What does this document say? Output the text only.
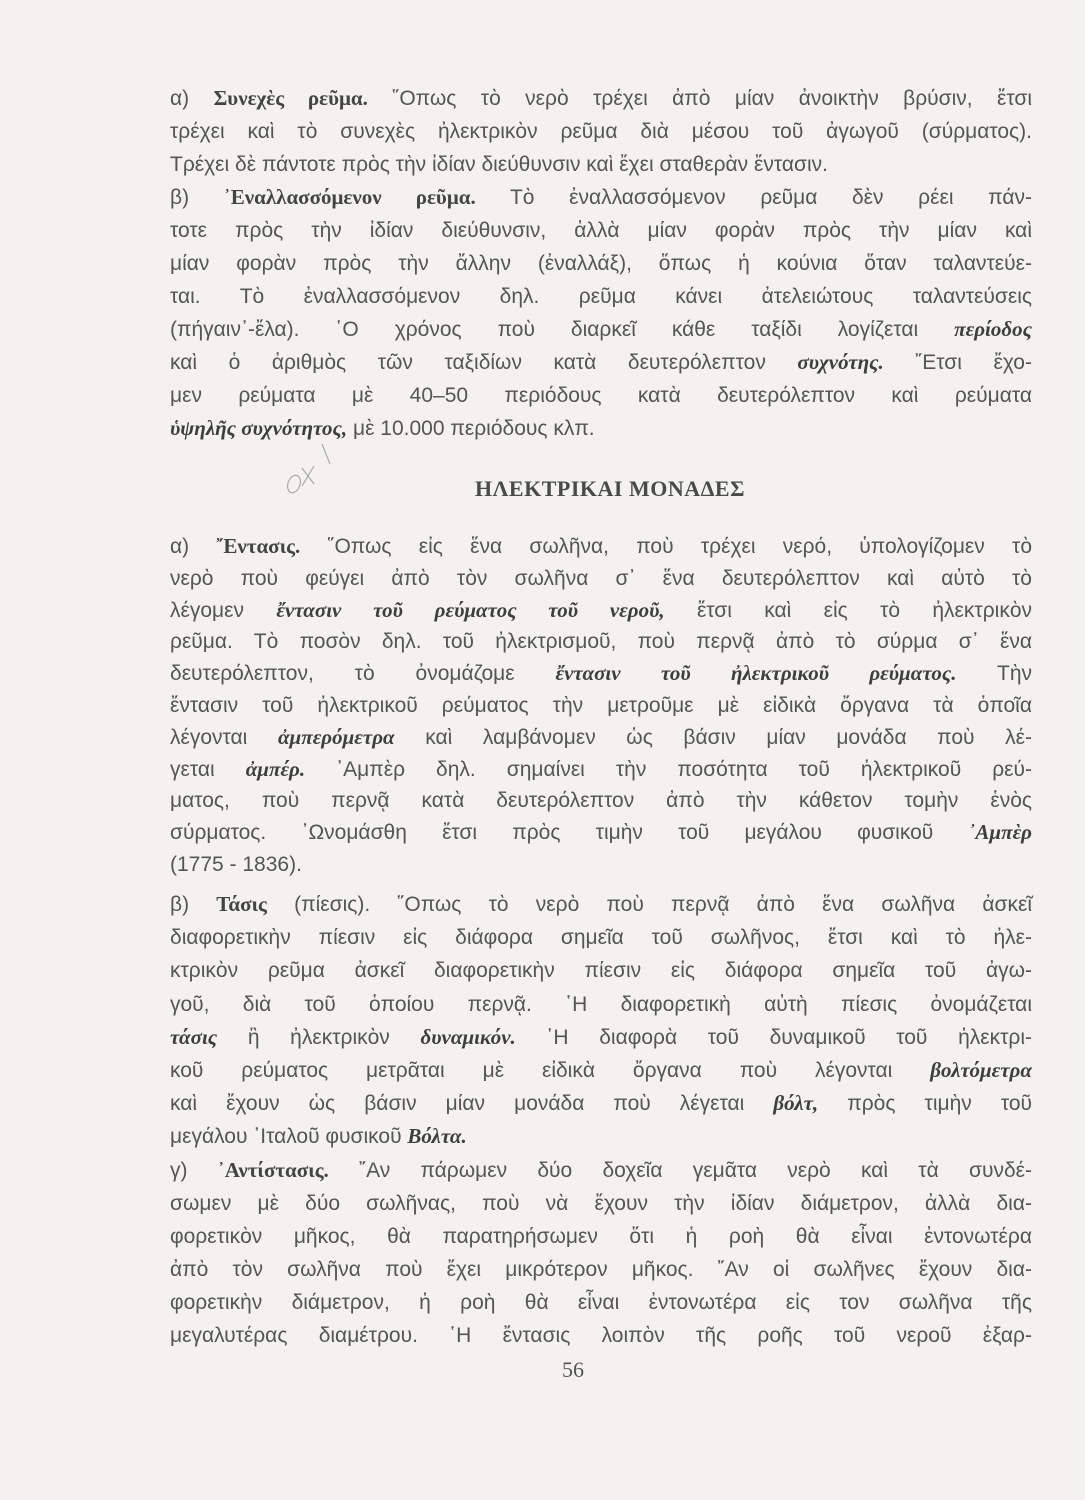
α) Συνεχὲς ρεῦμα. ῞Οπως τὸ νερὸ τρέχει ἀπὸ μίαν ἀνοικτὴν βρύσιν, ἔτσι
τρέχει καὶ τὸ συνεχὲς ἠλεκτρικὸν ρεῦμα διὰ μέσου τοῦ ἀγωγοῦ (σύρματος).
Τρέχει δὲ πάντοτε πρὸς τὴν ἰδίαν διεύθυνσιν καὶ ἔχει σταθερὰν ἔντασιν.
β) ᾿Εναλλασσόμενον ρεῦμα. Τὸ ἐναλλασσόμενον ρεῦμα δὲν ρέει πάν-
τοτε πρὸς τὴν ἰδίαν διεύθυνσιν, ἀλλὰ μίαν φορὰν πρὸς τὴν μίαν καὶ
μίαν φορὰν πρὸς τὴν ἄλλην (ἐναλλάξ), ὅπως ἡ κούνια ὅταν ταλαντεύε-
ται. Τὸ ἐναλλασσόμενον δηλ. ρεῦμα κάνει ἀτελειώτους ταλαντεύσεις
(πήγαιν᾿-ἔλα). ῾Ο χρόνος ποὺ διαρκεῖ κάθε ταξίδι λογίζεται περίοδος
καὶ ὁ ἀριθμὸς τῶν ταξιδίων κατὰ δευτερόλεπτον συχνότης. ῎Ετσι ἔχο-
μεν ρεύματα μὲ 40–50 περιόδους κατὰ δευτερόλεπτον καὶ ρεύματα
ὑψηλῆς συχνότητος, μὲ 10.000 περιόδους κλπ.
ΗΛΕΚΤΡΙΚΑΙ ΜΟΝΑΔΕΣ
α) ῎Εντασις. ῞Οπως εἰς ἕνα σωλῆνα, ποὺ τρέχει νερό, ὑπολογίζομεν τὸ
νερὸ ποὺ φεύγει ἀπὸ τὸν σωλῆνα σ᾿ ἕνα δευτερόλεπτον καὶ αὐτὸ τὸ
λέγομεν ἔντασιν τοῦ ρεύματος τοῦ νεροῦ, ἔτσι καὶ εἰς τὸ ἠλεκτρικὸν
ρεῦμα. Τὸ ποσὸν δηλ. τοῦ ἠλεκτρισμοῦ, ποὺ περνᾷ ἀπὸ τὸ σύρμα σ᾿ ἕνα
δευτερόλεπτον, τὸ ὀνομάζομε ἔντασιν τοῦ ἠλεκτρικοῦ ρεύματος. Τὴν
ἔντασιν τοῦ ἠλεκτρικοῦ ρεύματος τὴν μετροῦμε μὲ εἰδικὰ ὄργανα τὰ ὁποῖα
λέγονται ἀμπερόμετρα καὶ λαμβάνομεν ὡς βάσιν μίαν μονάδα ποὺ λέ-
γεται ἀμπέρ. ᾿Αμπὲρ δηλ. σημαίνει τὴν ποσότητα τοῦ ἠλεκτρικοῦ ρεύ-
ματος, ποὺ περνᾷ κατὰ δευτερόλεπτον ἀπὸ τὴν κάθετον τομὴν ἑνὸς
σύρματος. ᾿Ωνομάσθη ἔτσι πρὸς τιμὴν τοῦ μεγάλου φυσικοῦ ᾿Αμπὲρ
(1775 - 1836).
β) Τάσις (πίεσις). ῞Οπως τὸ νερὸ ποὺ περνᾷ ἀπὸ ἕνα σωλῆνα ἀσκεῖ
διαφορετικὴν πίεσιν εἰς διάφορα σημεῖα τοῦ σωλῆνος, ἔτσι καὶ τὸ ἠλε-
κτρικὸν ρεῦμα ἀσκεῖ διαφορετικὴν πίεσιν εἰς διάφορα σημεῖα τοῦ ἀγω-
γοῦ, διὰ τοῦ ὁποίου περνᾷ. ῾Η διαφορετικὴ αὐτὴ πίεσις ὀνομάζεται
τάσις ἢ ἠλεκτρικὸν δυναμικόν. ῾Η διαφορὰ τοῦ δυναμικοῦ τοῦ ἠλεκτρι-
κοῦ ρεύματος μετρᾶται μὲ εἰδικὰ ὄργανα ποὺ λέγονται βολτόμετρα
καὶ ἔχουν ὡς βάσιν μίαν μονάδα ποὺ λέγεται βόλτ, πρὸς τιμὴν τοῦ
μεγάλου ᾿Ιταλοῦ φυσικοῦ Βόλτα.
γ) ᾿Αντίστασις. ῎Αν πάρωμεν δύο δοχεῖα γεμᾶτα νερὸ καὶ τὰ συνδέ-
σωμεν μὲ δύο σωλῆνας, ποὺ νὰ ἔχουν τὴν ἰδίαν διάμετρον, ἀλλὰ δια-
φορετικὸν μῆκος, θὰ παρατηρήσωμεν ὅτι ἡ ροὴ θὰ εἶναι ἐντονωτέρα
ἀπὸ τὸν σωλῆνα ποὺ ἔχει μικρότερον μῆκος. ῎Αν οἱ σωλῆνες ἔχουν δια-
φορετικὴν διάμετρον, ἡ ροὴ θὰ εἶναι ἐντονωτέρα εἰς τον σωλῆνα τῆς
μεγαλυτέρας διαμέτρου. ῾Η ἔντασις λοιπὸν τῆς ροῆς τοῦ νεροῦ ἐξαρ-
56
